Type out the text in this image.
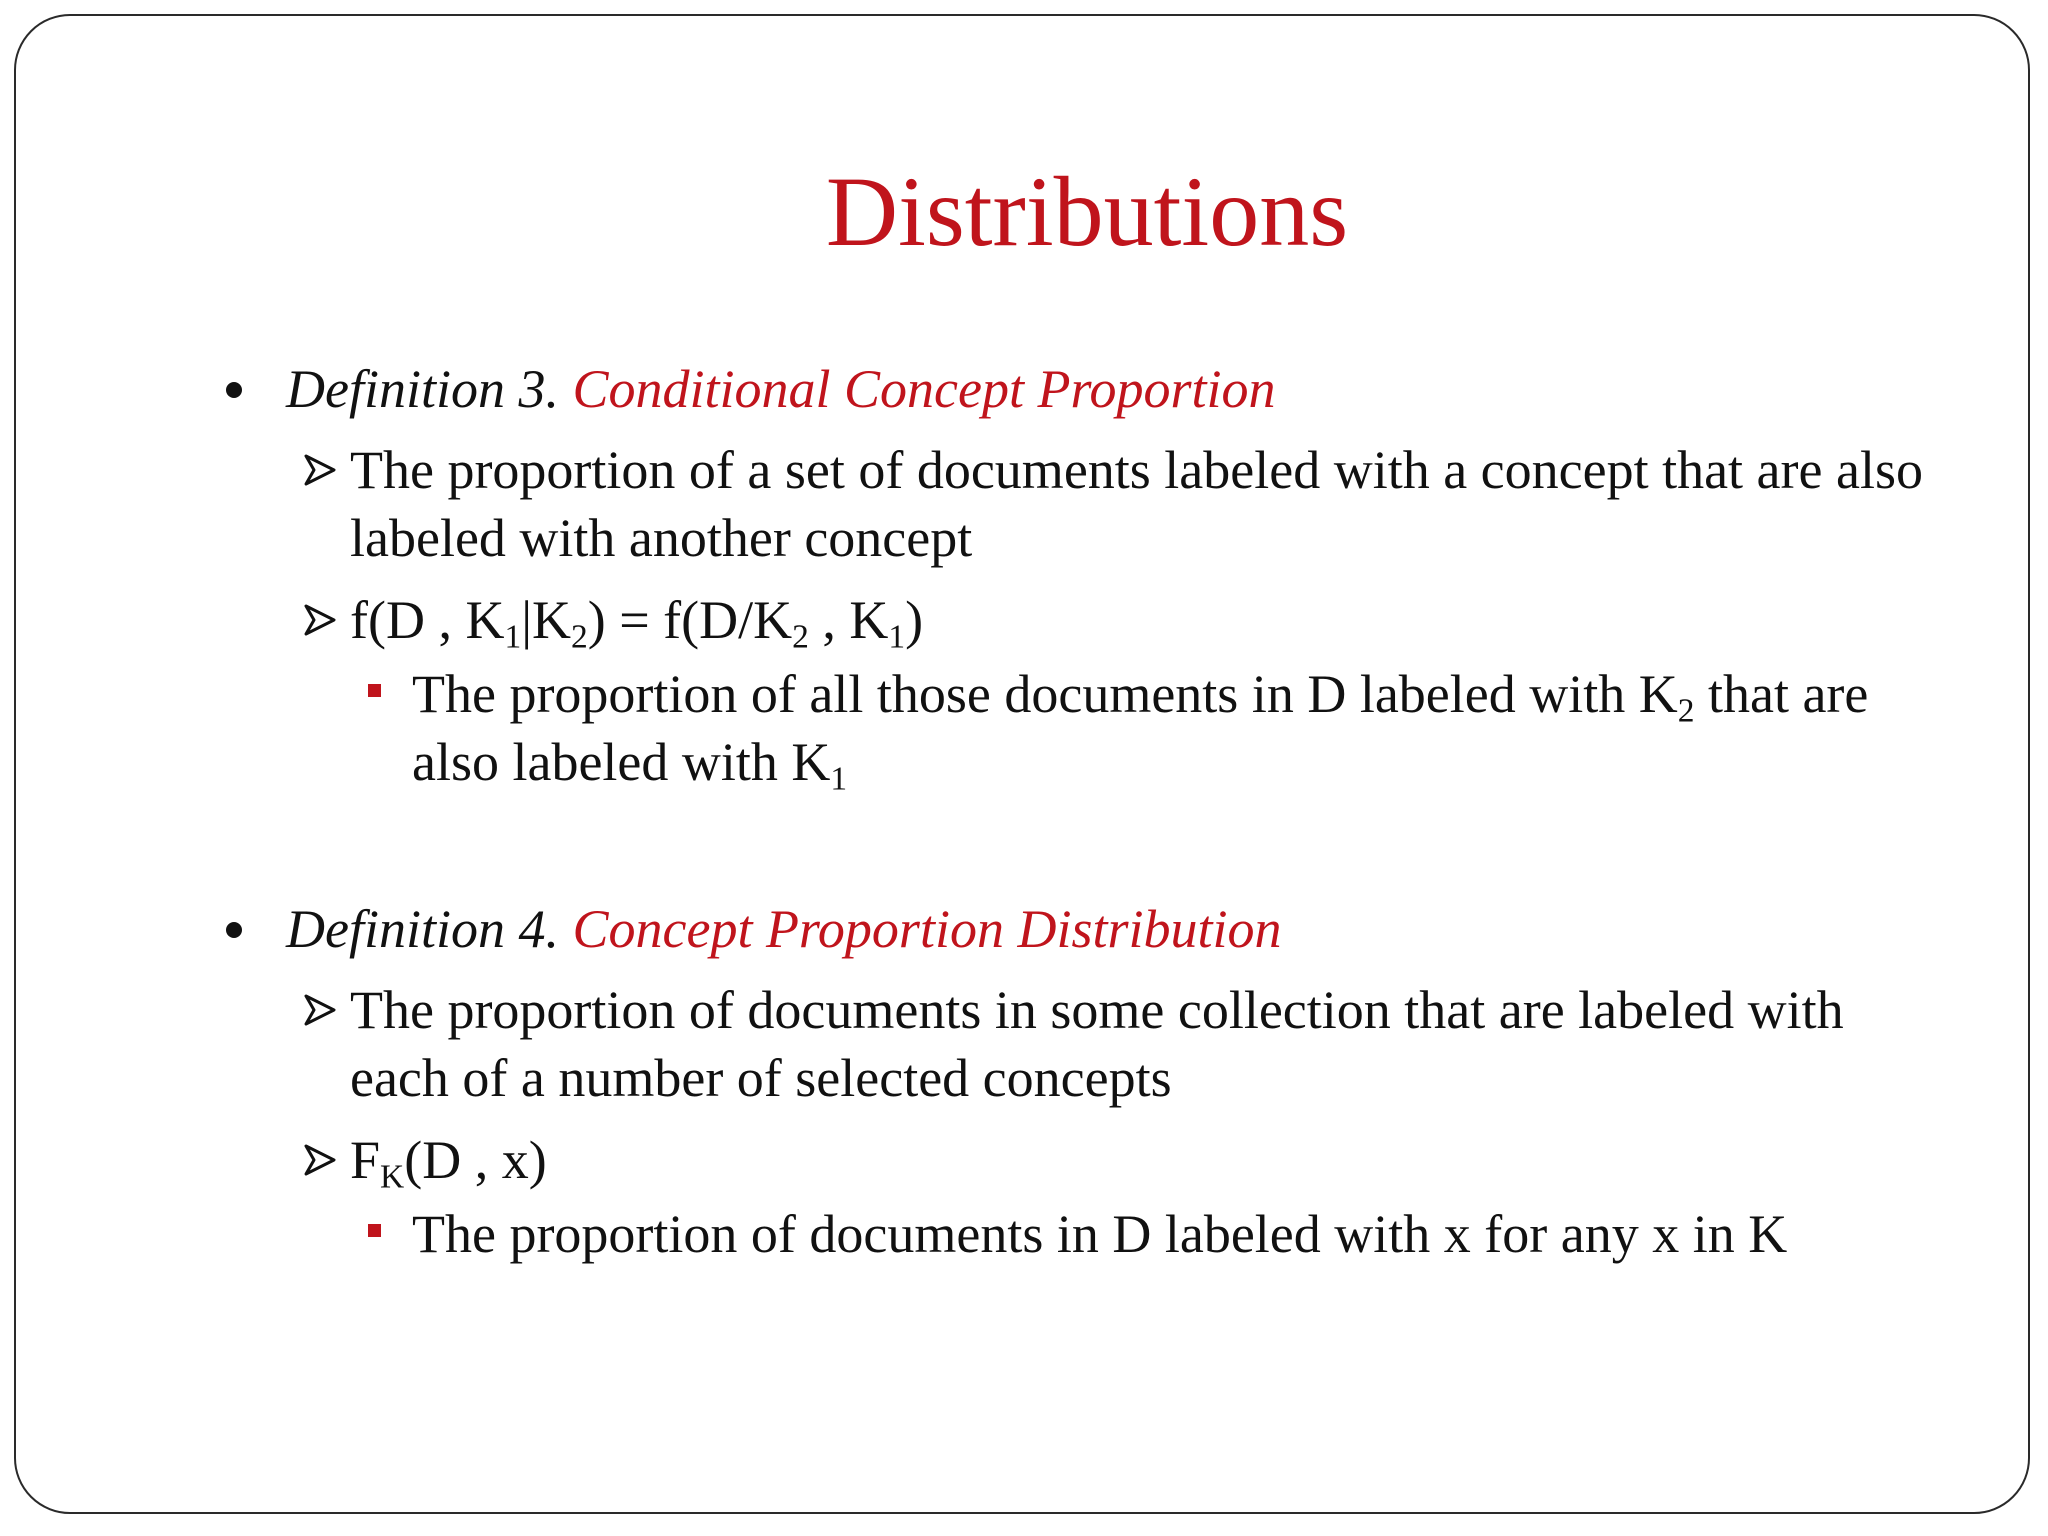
Distributions
Definition 3. Conditional Concept Proportion
The proportion of a set of documents labeled with a concept that are also labeled with another concept
f(D , $K_1|K_2) = f(D/K_2$ , $K_1$)
The proportion of all those documents in D labeled with $K_2$ that are also labeled with $K_1$
Definition 4. Concept Proportion Distribution
The proportion of documents in some collection that are labeled with each of a number of selected concepts
$F_K(D$ , x)
The proportion of documents in D labeled with x for any x in K
